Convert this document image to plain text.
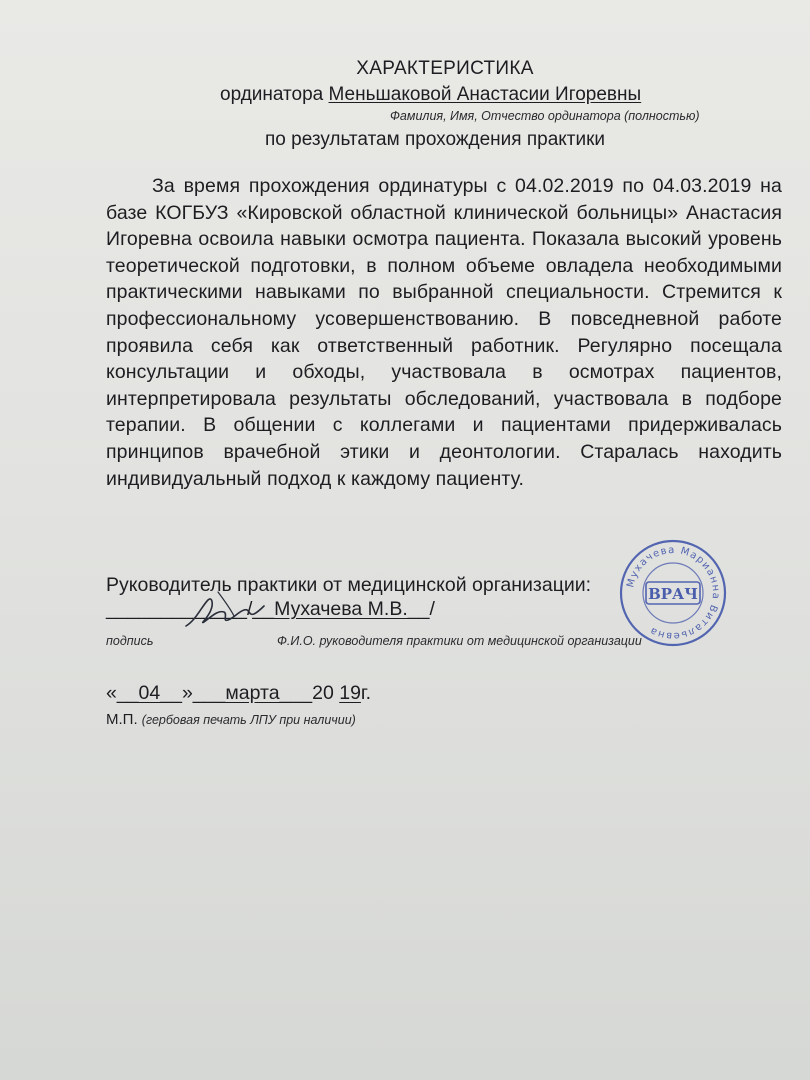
ХАРАКТЕРИСТИКА
ординатора Меньшаковой Анастасии Игоревны
Фамилия, Имя, Отчество ординатора (полностью)
по результатам прохождения практики
За время прохождения ординатуры с 04.02.2019 по 04.03.2019 на базе КОГБУЗ «Кировской областной клинической больницы» Анастасия Игоревна освоила навыки осмотра пациента. Показала высокий уровень теоретической подготовки, в полном объеме овладела необходимыми практическими навыками по выбранной специальности. Стремится к профессиональному усовершенствованию. В повседневной работе проявила себя как ответственный работник. Регулярно посещала консультации и обходы, участвовала в осмотрах пациентов, интерпретировала результаты обследований, участвовала в подборе терапии. В общении с коллегами и пациентами придерживалась принципов врачебной этики и деонтологии. Старалась находить индивидуальный подход к каждому пациенту.
Руководитель практики от медицинской организации:
_____________/__Мухачева М.В.__/
подпись	Ф.И.О. руководителя практики от медицинской организации
«__04__»___марта___20 19г.
М.П. (гербовая печать ЛПУ при наличии)
Мухачева Марианна Витальевна
ВРАЧ
